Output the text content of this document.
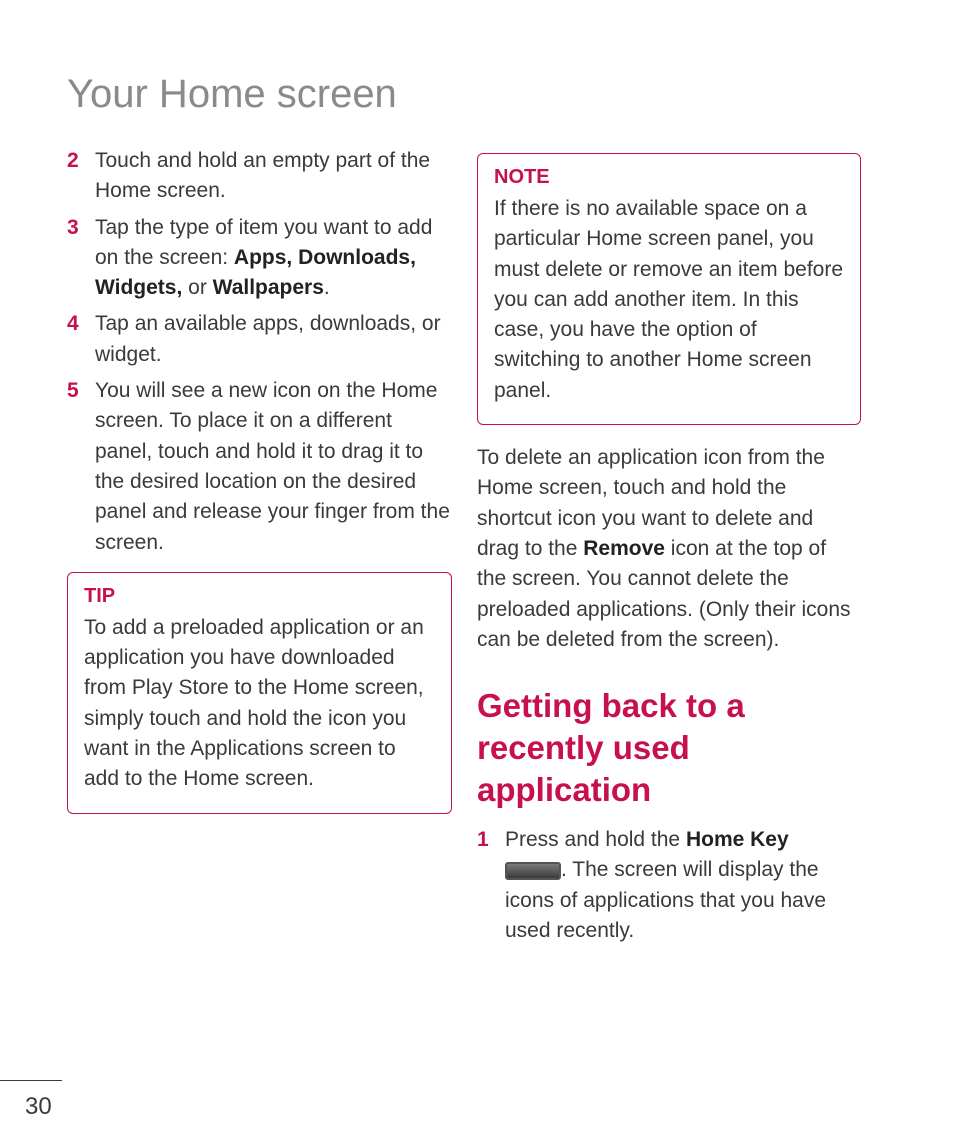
Your Home screen
2 Touch and hold an empty part of the Home screen.
3 Tap the type of item you want to add on the screen: Apps, Downloads, Widgets, or Wallpapers.
4 Tap an available apps, downloads, or widget.
5 You will see a new icon on the Home screen. To place it on a different panel, touch and hold it to drag it to the desired location on the desired panel and release your finger from the screen.
TIP
To add a preloaded application or an application you have downloaded from Play Store to the Home screen, simply touch and hold the icon you want in the Applications screen to add to the Home screen.
NOTE
If there is no available space on a particular Home screen panel, you must delete or remove an item before you can add another item. In this case, you have the option of switching to another Home screen panel.
To delete an application icon from the Home screen, touch and hold the shortcut icon you want to delete and drag to the Remove icon at the top of the screen. You cannot delete the preloaded applications. (Only their icons can be deleted from the screen).
Getting back to a recently used application
1 Press and hold the Home Key
. The screen will display the icons of applications that you have used recently.
30
